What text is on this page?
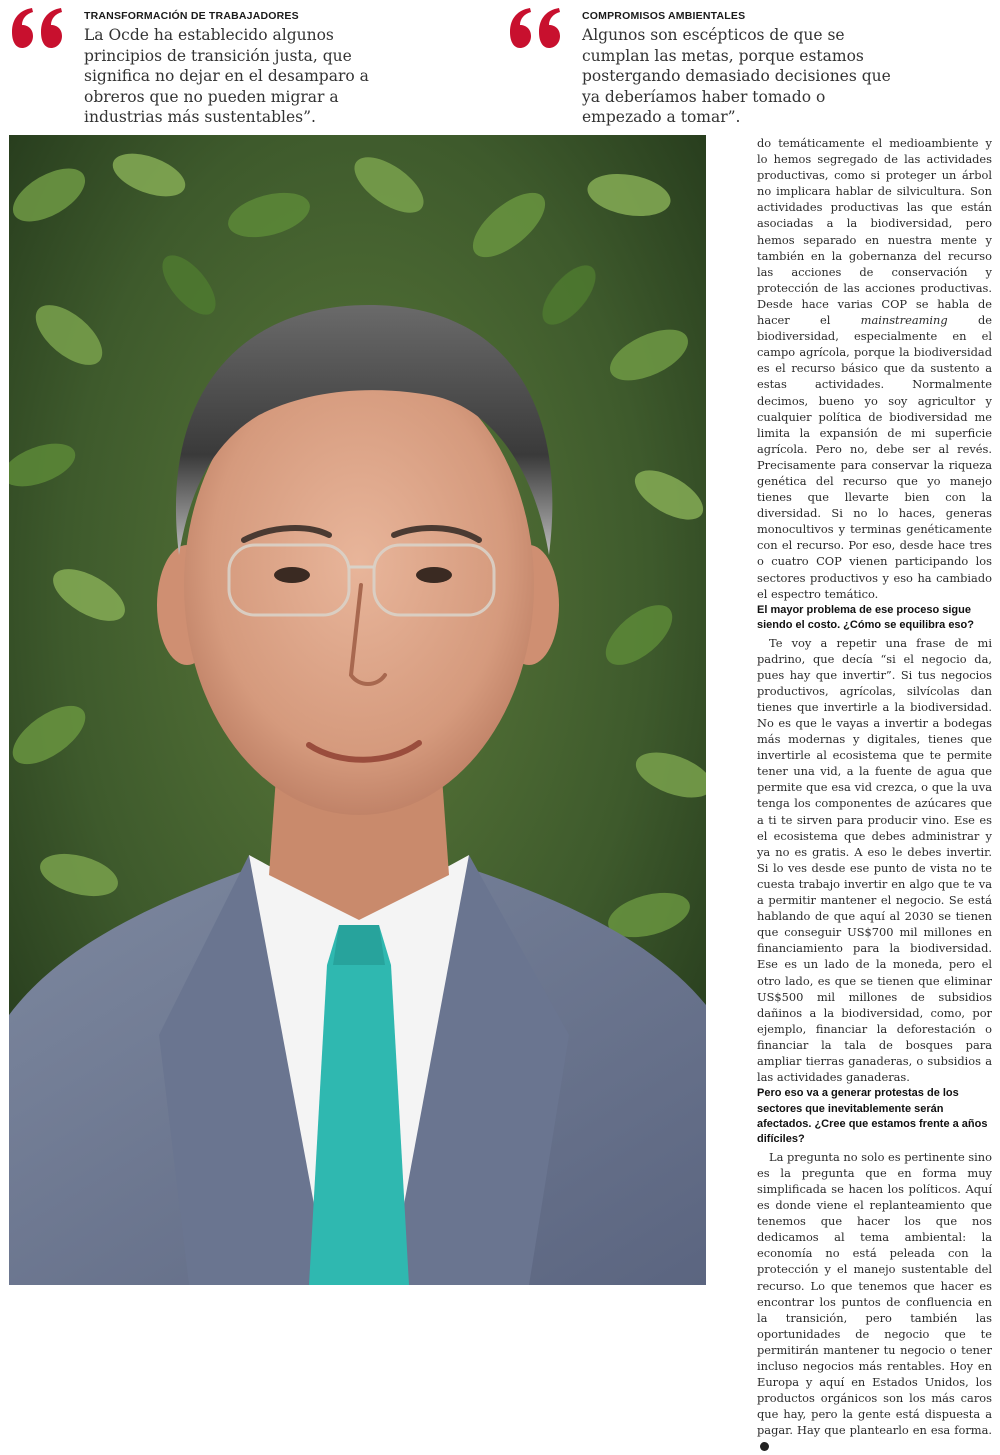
TRANSFORMACIÓN DE TRABAJADORES

La Ocde ha establecido algunos principios de transición justa, que significa no dejar en el desamparo a obreros que no pueden migrar a industrias más sustentables”.

COMPROMISOS AMBIENTALES

Algunos son escépticos de que se cumplan las metas, porque estamos postergando demasiado decisiones que ya deberíamos haber tomado o empezado a tomar”.

do temáticamente el medioambiente y lo hemos segregado de las actividades productivas, como si proteger un árbol no implicara hablar de silvicultura. Son actividades productivas las que están asociadas a la biodiversidad, pero hemos separado en nuestra mente y también en la gobernanza del recurso las acciones de conservación y protección de las acciones productivas. Desde hace varias COP se habla de hacer el	mainstreaming de biodiversidad, especialmente en el campo agrícola, porque la biodiversidad es el recurso básico que da sustento a estas actividades. Normalmente decimos, bueno yo soy agricultor y cualquier política de biodiversidad me limita la expansión de mi superficie agrícola. Pero no, debe ser al revés. Precisamente para conservar la riqueza genética del recurso que yo manejo tienes que llevarte bien con la diversidad. Si no lo haces, generas monocultivos y terminas genéticamente con el recurso. Por eso, desde hace tres o cuatro COP vienen participando los sectores productivos y eso ha cambiado el espectro temático.

El mayor problema de ese proceso sigue siendo el costo. ¿Cómo se equilibra eso?

Te voy a repetir una frase de mi padrino, que decía “si el negocio da, pues hay que invertir”. Si tus negocios productivos, agrícolas, silvícolas dan tienes que invertirle a la biodiversidad. No es que le vayas a invertir a bodegas más modernas y digitales, tienes que invertirle al ecosistema que te permite tener una vid, a la fuente de agua que permite que esa vid crezca, o que la uva tenga los componentes de azúcares que a ti te sirven para producir vino. Ese es el ecosistema que debes administrar y ya no es gratis. A eso le debes invertir. Si lo ves desde ese punto de vista no te cuesta trabajo invertir en algo que te va a permitir mantener el negocio. Se está hablando de que aquí al 2030 se tienen que conseguir US$700 mil millones en financiamiento para la biodiversidad. Ese es un lado de la moneda, pero el otro lado, es que se tienen que eliminar US$500 mil millones de subsidios dañinos a la biodiversidad, como, por ejemplo, financiar la deforestación o financiar la tala de bosques para ampliar tierras ganaderas, o subsidios a las actividades ganaderas.

Pero eso va a generar protestas de los sectores que inevitablemente serán afectados. ¿Cree que estamos frente a años difíciles?

La pregunta no solo es pertinente sino es la pregunta que en forma muy simplificada se hacen los políticos. Aquí es donde viene el replanteamiento que tenemos que hacer los que nos dedicamos al tema ambiental: la economía no está peleada con la protección y el manejo sustentable del recurso. Lo que tenemos que hacer es encontrar los puntos de confluencia en la transición, pero también las oportunidades de negocio que te permitirán mantener tu negocio o tener incluso negocios más rentables. Hoy en Europa y aquí en Estados Unidos, los productos orgánicos son los más caros que hay, pero la gente está dispuesta a pagar. Hay que plantearlo en esa forma.
